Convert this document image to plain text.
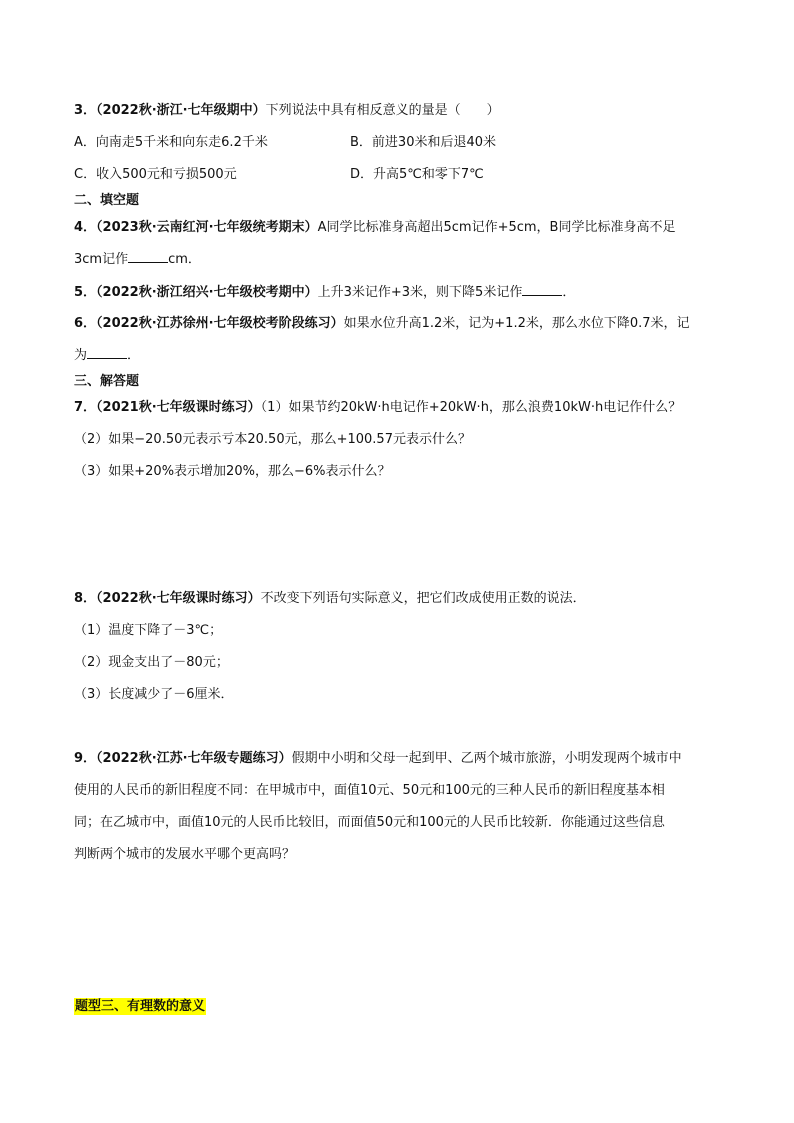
3．（2022秋·浙江·七年级期中）下列说法中具有相反意义的量是（　　）
A．向南走5千米和向东走6.2千米	B．前进30米和后退40米
C．收入500元和亏损500元	D．升高5℃和零下7℃
二、填空题
4．（2023秋·云南红河·七年级统考期末）A同学比标准身高超出5cm记作+5cm，B同学比标准身高不足
3cm记作	cm．
5．（2022秋·浙江绍兴·七年级校考期中）上升3米记作+3米，则下降5米记作	．
6．（2022秋·江苏徐州·七年级校考阶段练习）如果水位升高1.2米，记为+1.2米，那么水位下降0.7米，记
为	．
三、解答题
7．（2021秋·七年级课时练习）（1）如果节约20kW·h电记作+20kW·h，那么浪费10kW·h电记作什么？
（2）如果−20.50元表示亏本20.50元，那么+100.57元表示什么？
（3）如果+20%表示增加20%，那么−6%表示什么？
8．（2022秋·七年级课时练习）不改变下列语句实际意义，把它们改成使用正数的说法．
（1）温度下降了－3℃；
（2）现金支出了－80元；
（3）长度减少了－6厘米．
9．（2022秋·江苏·七年级专题练习）假期中小明和父母一起到甲、乙两个城市旅游，小明发现两个城市中
使用的人民币的新旧程度不同：在甲城市中，面值10元、50元和100元的三种人民币的新旧程度基本相
同；在乙城市中，面值10元的人民币比较旧，而面值50元和100元的人民币比较新．你能通过这些信息
判断两个城市的发展水平哪个更高吗？
题型三、有理数的意义
